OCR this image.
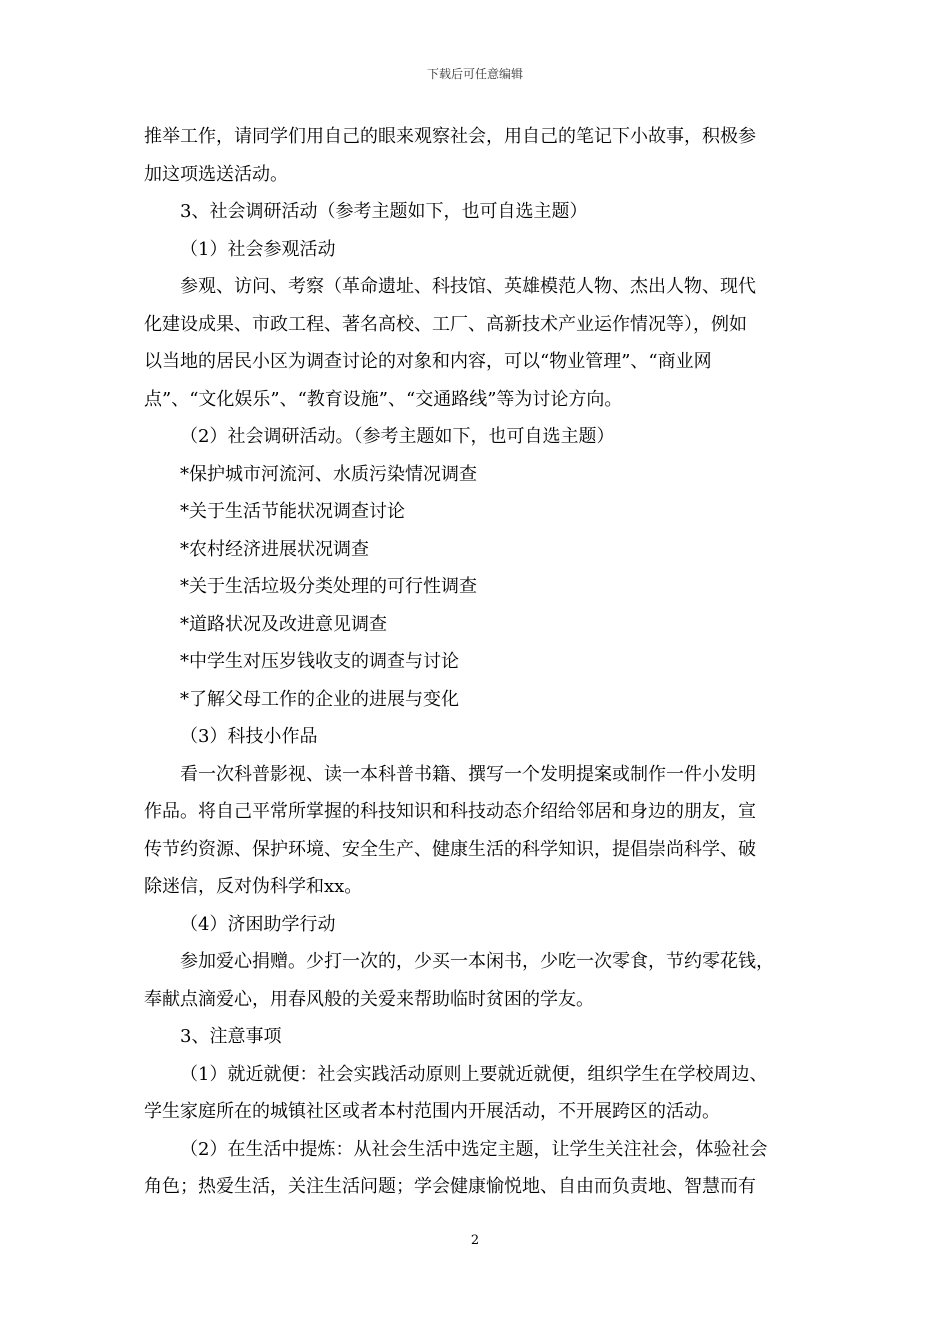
下载后可任意编辑

推举工作，请同学们用自己的眼来观察社会，用自己的笔记下小故事，积极参

加这项选送活动。

3、社会调研活动（参考主题如下，也可自选主题）

（1）社会参观活动

参观、访问、考察（革命遗址、科技馆、英雄模范人物、杰出人物、现代

化建设成果、市政工程、著名高校、工厂、高新技术产业运作情况等），例如

以当地的居民小区为调查讨论的对象和内容，可以“物业管理”、“商业网

点”、“文化娱乐”、“教育设施”、“交通路线”等为讨论方向。

（2）社会调研活动。（参考主题如下，也可自选主题）

*保护城市河流河、水质污染情况调查

*关于生活节能状况调查讨论

*农村经济进展状况调查

*关于生活垃圾分类处理的可行性调查

*道路状况及改进意见调查

*中学生对压岁钱收支的调查与讨论

*了解父母工作的企业的进展与变化

（3）科技小作品

看一次科普影视、读一本科普书籍、撰写一个发明提案或制作一件小发明

作品。将自己平常所掌握的科技知识和科技动态介绍给邻居和身边的朋友，宣

传节约资源、保护环境、安全生产、健康生活的科学知识，提倡崇尚科学、破

除迷信，反对伪科学和xx。

（4）济困助学行动

参加爱心捐赠。少打一次的，少买一本闲书，少吃一次零食，节约零花钱，

奉献点滴爱心，用春风般的关爱来帮助临时贫困的学友。

3、注意事项

（1）就近就便：社会实践活动原则上要就近就便，组织学生在学校周边、

学生家庭所在的城镇社区或者本村范围内开展活动，不开展跨区的活动。

（2）在生活中提炼：从社会生活中选定主题，让学生关注社会，体验社会

角色；热爱生活，关注生活问题；学会健康愉悦地、自由而负责地、智慧而有

2
